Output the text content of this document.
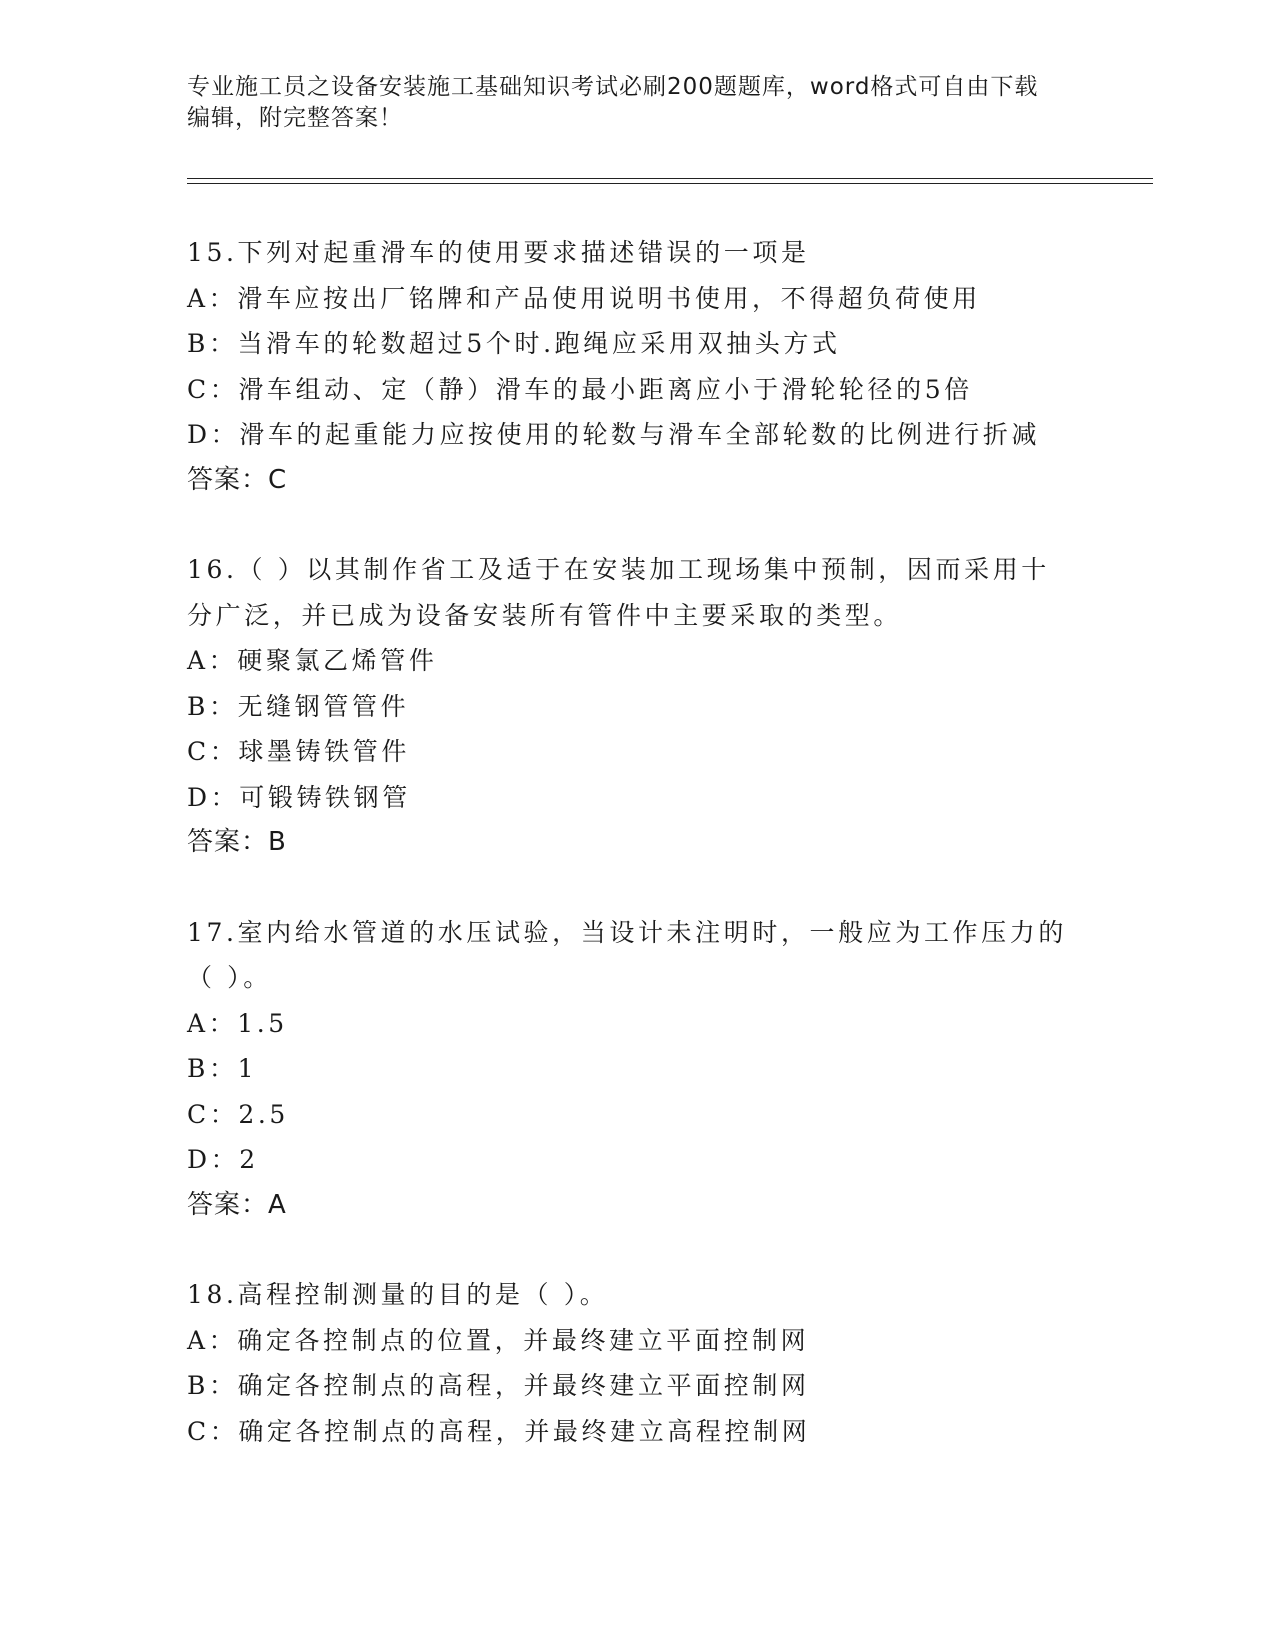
专业施工员之设备安装施工基础知识考试必刷200题题库，word格式可自由下载
编辑，附完整答案！
15.下列对起重滑车的使用要求描述错误的一项是
A：滑车应按出厂铭牌和产品使用说明书使用，不得超负荷使用
B：当滑车的轮数超过5个时.跑绳应采用双抽头方式
C：滑车组动、定（静）滑车的最小距离应小于滑轮轮径的5倍
D：滑车的起重能力应按使用的轮数与滑车全部轮数的比例进行折减
答案：C
16.（ ）以其制作省工及适于在安装加工现场集中预制，因而采用十
分广泛，并已成为设备安装所有管件中主要采取的类型。
A：硬聚氯乙烯管件
B：无缝钢管管件
C：球墨铸铁管件
D：可锻铸铁钢管
答案：B
17.室内给水管道的水压试验，当设计未注明时，一般应为工作压力的
（ ）。
A：1.5
B：1
C：2.5
D：2
答案：A
18.高程控制测量的目的是（ ）。
A：确定各控制点的位置，并最终建立平面控制网
B：确定各控制点的高程，并最终建立平面控制网
C：确定各控制点的高程，并最终建立高程控制网
